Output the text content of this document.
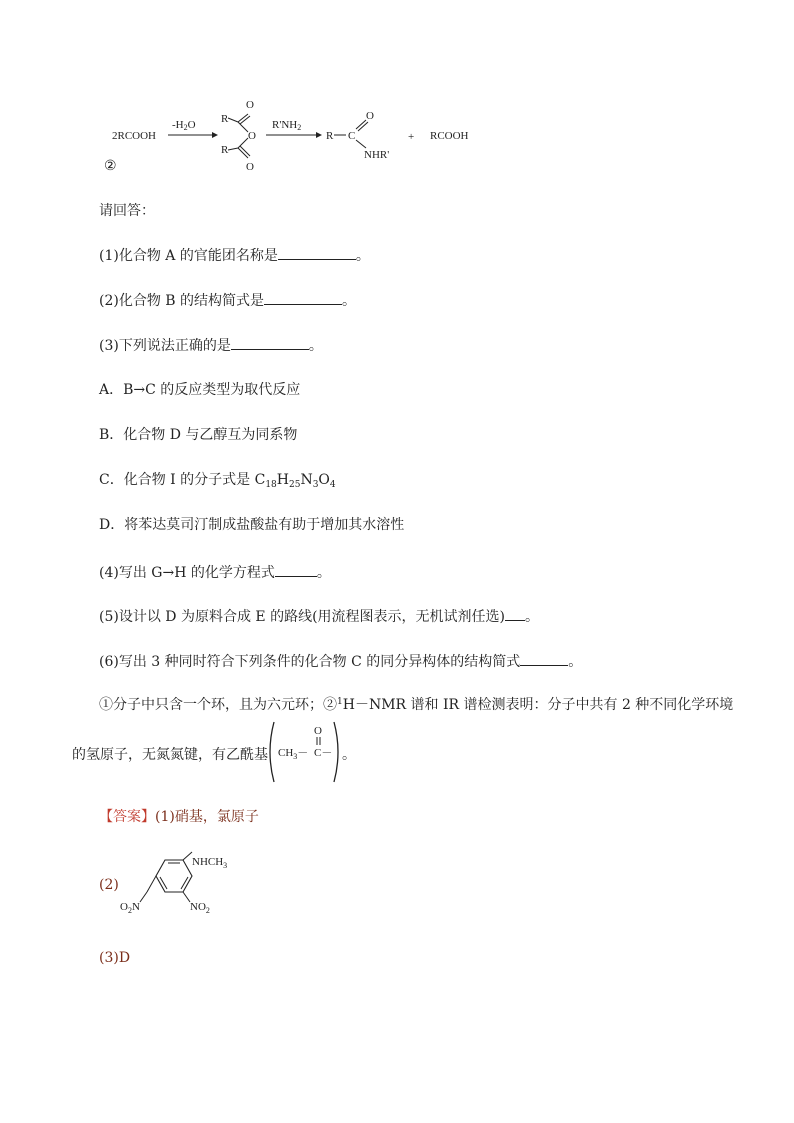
2RCOOH
-H2O R
R
O
O
O
R'NH2
R C
O
NHR'
+ RCOOH
②
请回答：
(1)化合物 A 的官能团名称是	。
(2)化合物 B 的结构简式是	。
(3)下列说法正确的是	。
A．B→C 的反应类型为取代反应
B．化合物 D 与乙醇互为同系物
C．化合物 I 的分子式是 $C_{18}H_{25}N_3O_4$
D．将苯达莫司汀制成盐酸盐有助于增加其水溶性
(4)写出 G→H 的化学方程式	。
(5)设计以 D 为原料合成 E 的路线(用流程图表示，无机试剂任选) 。
(6)写出 3 种同时符合下列条件的化合物 C 的同分异构体的结构简式	。
①分子中只含一个环，且为六元环；②$^1$H－NMR 谱和 IR 谱检测表明：分子中共有 2 种不同化学环境
的氢原子，无氮氮键，有乙酰基 $CH_3- C-$
O
。
【答案】(1)硝基，氯原子
(2)
$NHCH_3$
$NO_2$
$O_2N$
(3)D
